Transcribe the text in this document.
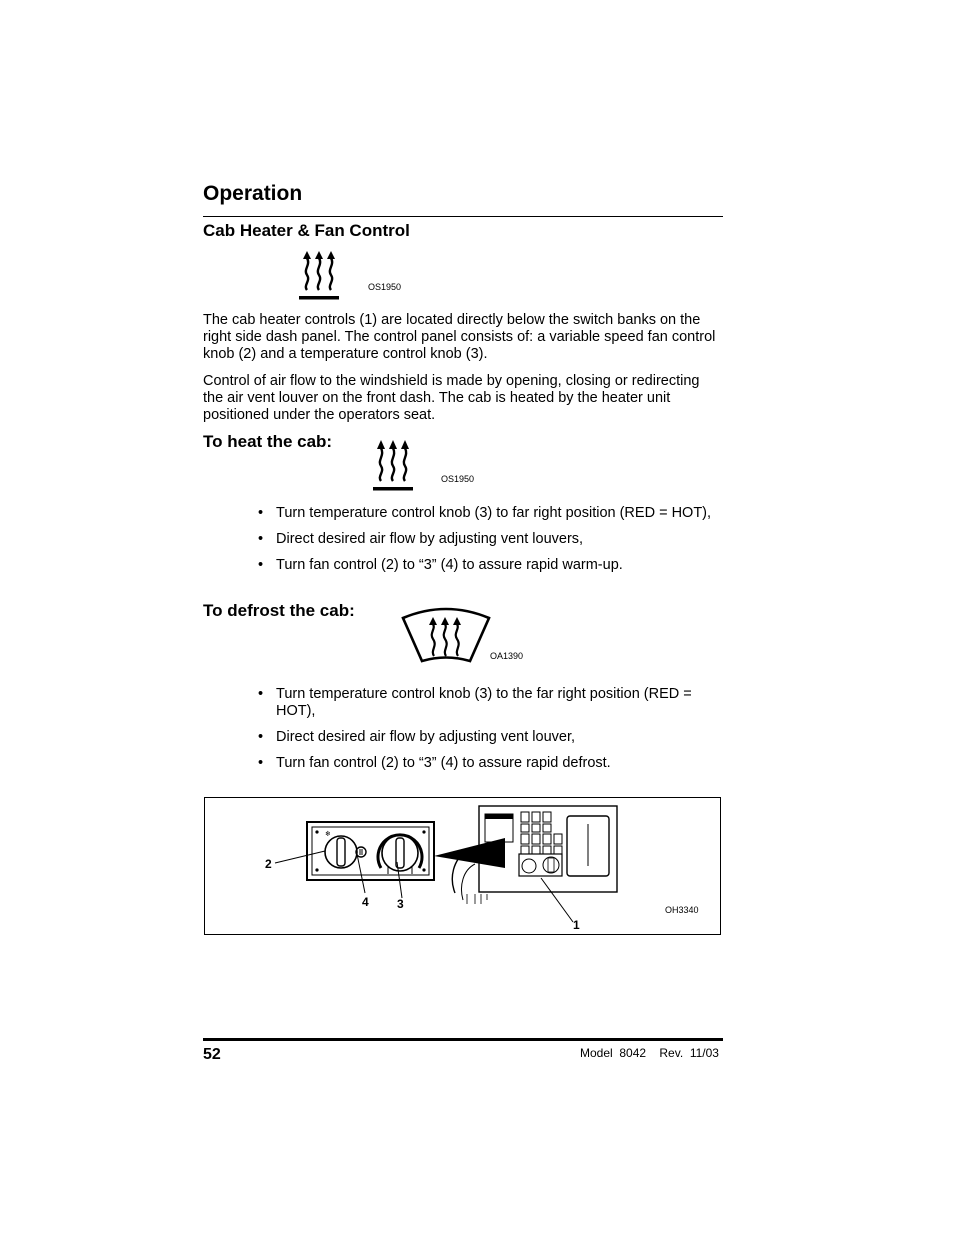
Operation
Cab Heater & Fan Control
OS1950

The cab heater controls (1) are located directly below the switch banks on the right side dash panel. The control panel consists of: a variable speed fan control knob (2) and a temperature control knob (3).

Control of air flow to the windshield is made by opening, closing or redirecting the air vent louver on the front dash. The cab is heated by the heater unit positioned under the operators seat.

To heat the cab:
OS1950
• Turn temperature control knob (3) to far right position (RED = HOT),
• Direct desired air flow by adjusting vent louvers,
• Turn fan control (2) to “3” (4) to assure rapid warm-up.
To defrost the cab:
OA1390
• Turn temperature control knob (3) to the far right position (RED = HOT),
• Direct desired air flow by adjusting vent louver,
• Turn fan control (2) to “3” (4) to assure rapid defrost.
❄
2
4 3
1
OH3340
52	Model  8042    Rev.  11/03
